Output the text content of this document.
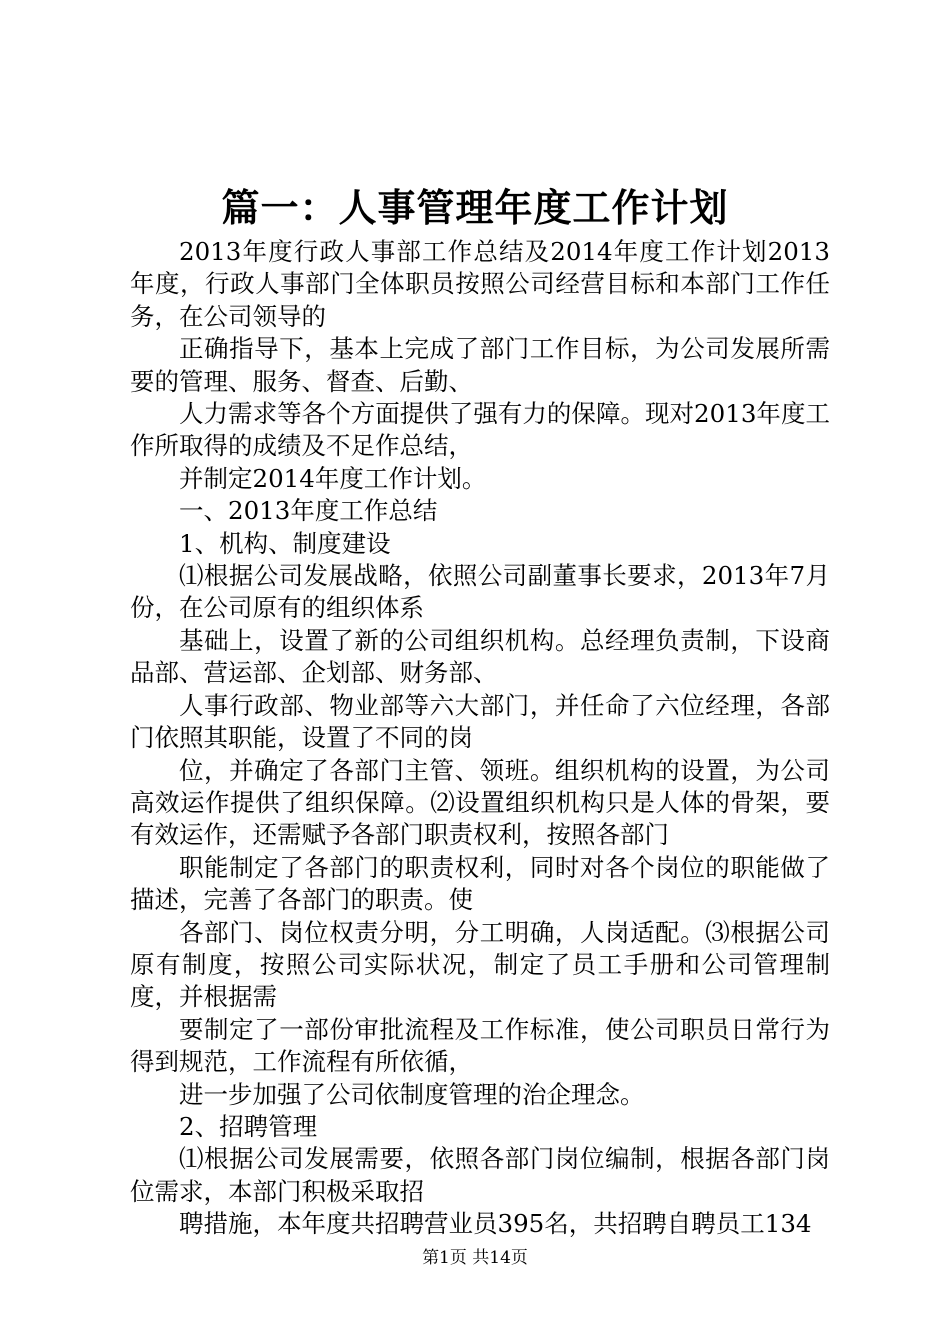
篇一：人事管理年度工作计划

2013年度行政人事部工作总结及2014年度工作计划2013年度，行政人事部门全体职员按照公司经营目标和本部门工作任务，在公司领导的

正确指导下，基本上完成了部门工作目标，为公司发展所需要的管理、服务、督查、后勤、

人力需求等各个方面提供了强有力的保障。现对2013年度工作所取得的成绩及不足作总结，

并制定2014年度工作计划。

一、2013年度工作总结

1、机构、制度建设

⑴根据公司发展战略，依照公司副董事长要求，2013年7月份，在公司原有的组织体系

基础上，设置了新的公司组织机构。总经理负责制，下设商品部、营运部、企划部、财务部、

人事行政部、物业部等六大部门，并任命了六位经理，各部门依照其职能，设置了不同的岗

位，并确定了各部门主管、领班。组织机构的设置，为公司高效运作提供了组织保障。⑵设置组织机构只是人体的骨架，要有效运作，还需赋予各部门职责权利，按照各部门

职能制定了各部门的职责权利，同时对各个岗位的职能做了描述，完善了各部门的职责。使

各部门、岗位权责分明，分工明确，人岗适配。⑶根据公司原有制度，按照公司实际状况，制定了员工手册和公司管理制度，并根据需

要制定了一部份审批流程及工作标准，使公司职员日常行为得到规范，工作流程有所依循，

进一步加强了公司依制度管理的治企理念。

2、招聘管理

⑴根据公司发展需要，依照各部门岗位编制，根据各部门岗位需求，本部门积极采取招

聘措施，本年度共招聘营业员395名，共招聘自聘员工134

第1页 共14页
